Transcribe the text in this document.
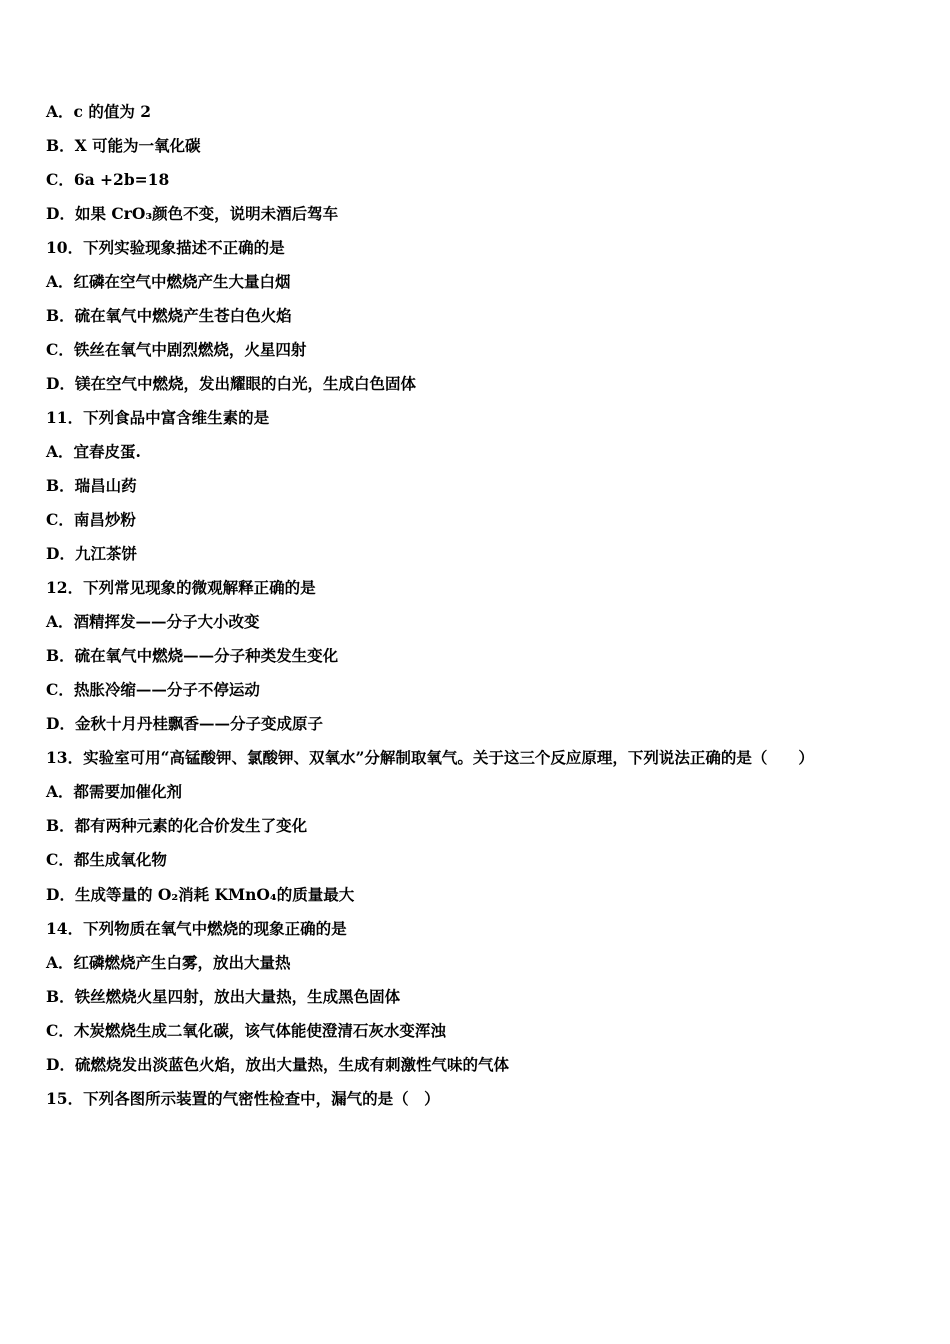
A．c 的值为 2
B．X 可能为一氧化碳
C．6a +2b=18
D．如果 CrO₃颜色不变，说明未酒后驾车
10．下列实验现象描述不正确的是
A．红磷在空气中燃烧产生大量白烟
B．硫在氧气中燃烧产生苍白色火焰
C．铁丝在氧气中剧烈燃烧，火星四射
D．镁在空气中燃烧，发出耀眼的白光，生成白色固体
11．下列食品中富含维生素的是
A．宜春皮蛋.
B．瑞昌山药
C．南昌炒粉
D．九江茶饼
12．下列常见现象的微观解释正确的是
A．酒精挥发——分子大小改变
B．硫在氧气中燃烧——分子种类发生变化
C．热胀冷缩——分子不停运动
D．金秋十月丹桂飘香——分子变成原子
13．实验室可用“高锰酸钾、氯酸钾、双氧水”分解制取氧气。关于这三个反应原理，下列说法正确的是（　　）
A．都需要加催化剂
B．都有两种元素的化合价发生了变化
C．都生成氧化物
D．生成等量的 O₂消耗 KMnO₄的质量最大
14．下列物质在氧气中燃烧的现象正确的是
A．红磷燃烧产生白雾，放出大量热
B．铁丝燃烧火星四射，放出大量热，生成黑色固体
C．木炭燃烧生成二氧化碳，该气体能使澄清石灰水变浑浊
D．硫燃烧发出淡蓝色火焰，放出大量热，生成有刺激性气味的气体
15．下列各图所示装置的气密性检查中，漏气的是（　）
